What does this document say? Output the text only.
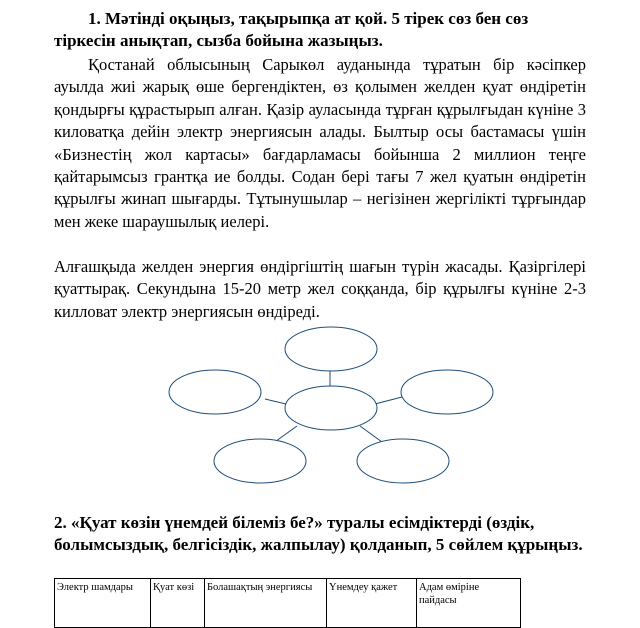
1. Мәтінді оқыңыз, тақырыпқа ат қой. 5 тірек сөз бен сөз тіркесін анықтап, сызба бойына жазыңыз.

Қостанай облысының Сарыкөл ауданында тұратын бір кәсіпкер ауылда жиі жарық өше бергендіктен, өз қолымен желден қуат өндіретін қондырғы құрастырып алған. Қазір ауласында тұрған құрылғыдан күніне 3 киловатқа дейін электр энергиясын алады. Былтыр осы бастамасы үшін «Бизнестің жол картасы» бағдарламасы бойынша 2 миллион теңге қайтарымсыз грантқа ие болды. Содан бері тағы 7 жел қуатын өндіретін құрылғы жинап шығарды. Тұтынушылар – негізінен жергілікті тұрғындар мен жеке шараушылық иелері.

Алғашқыда желден энергия өндіргіштің шағын түрін жасады. Қазіргілері қуаттырақ. Секундына 15-20 метр жел соққанда, бір құрылғы күніне 2-3 килловат электр энергиясын өндіреді.

2. «Қуат көзін үнемдей білеміз бе?» туралы есімдіктерді (өздік, болымсыздық, белгісіздік, жалпылау) қолданып, 5 сөйлем құрыңыз.

Электр шамдары	Қуат көзі	Болашақтың энергиясы	Үнемдеу қажет	Адам өміріне пайдасы
